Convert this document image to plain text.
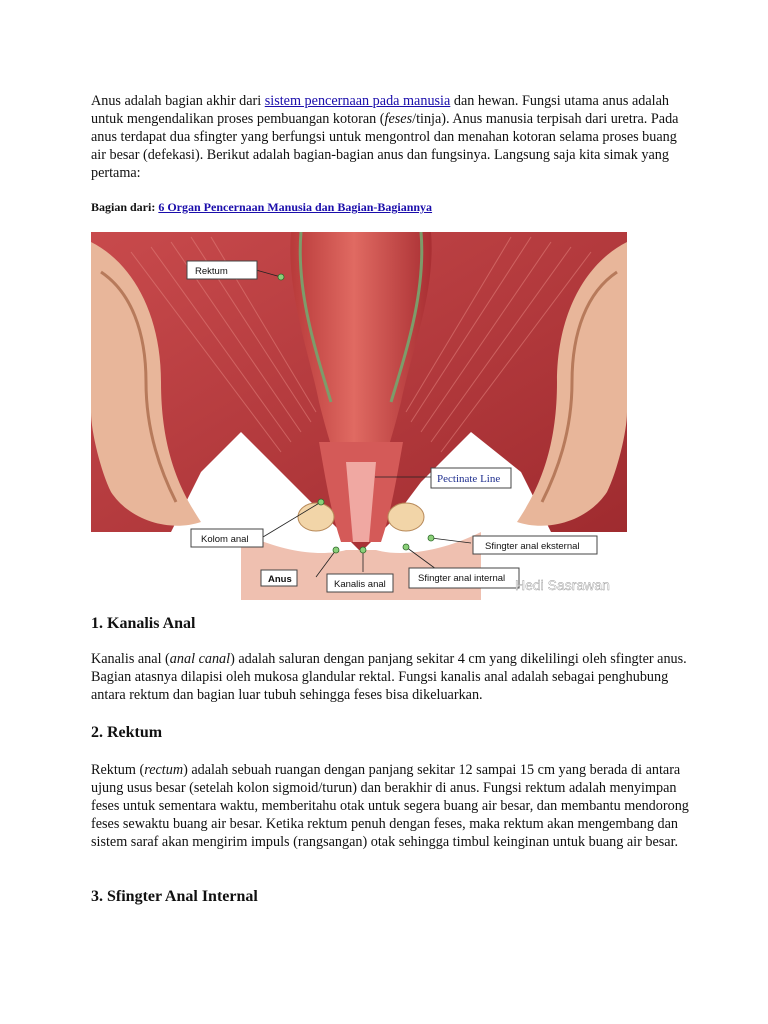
Anus adalah bagian akhir dari sistem pencernaan pada manusia dan hewan. Fungsi utama anus adalah untuk mengendalikan proses pembuangan kotoran (feses/tinja). Anus manusia terpisah dari uretra. Pada anus terdapat dua sfingter yang berfungsi untuk mengontrol dan menahan kotoran selama proses buang air besar (defekasi). Berikut adalah bagian-bagian anus dan fungsinya. Langsung saja kita simak yang pertama:

Bagian dari: 6 Organ Pencernaan Manusia dan Bagian-Bagiannya

Rektum
Pectinate Line
Kolom anal
Sfingter anal eksternal
Anus	Kanalis anal
Sfingter anal internal Hedi Sasrawan
1. Kanalis Anal

Kanalis anal (anal canal) adalah saluran dengan panjang sekitar 4 cm yang dikelilingi oleh sfingter anus. Bagian atasnya dilapisi oleh mukosa glandular rektal. Fungsi kanalis anal adalah sebagai penghubung antara rektum dan bagian luar tubuh sehingga feses bisa dikeluarkan.

2. Rektum

Rektum (rectum) adalah sebuah ruangan dengan panjang sekitar 12 sampai 15 cm yang berada di antara ujung usus besar (setelah kolon sigmoid/turun) dan berakhir di anus. Fungsi rektum adalah menyimpan feses untuk sementara waktu, memberitahu otak untuk segera buang air besar, dan membantu mendorong feses sewaktu buang air besar. Ketika rektum penuh dengan feses, maka rektum akan mengembang dan sistem saraf akan mengirim impuls (rangsangan) otak sehingga timbul keinginan untuk buang air besar.

3. Sfingter Anal Internal
